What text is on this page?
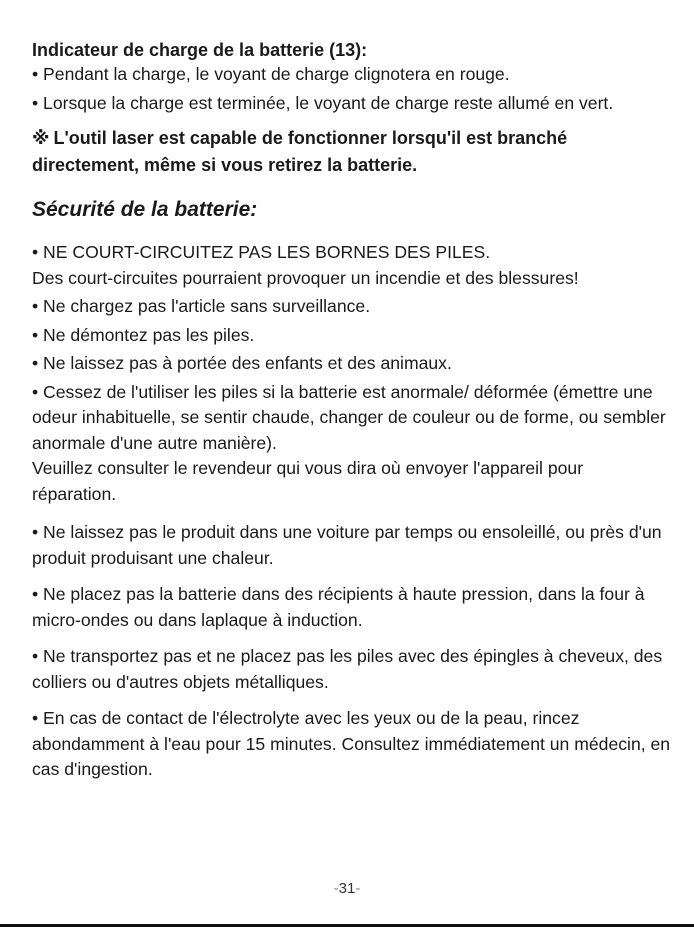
Indicateur de charge de la batterie (13):

• Pendant la charge, le voyant de charge clignotera en rouge.

• Lorsque la charge est terminée, le voyant de charge reste allumé en vert.

※ L'outil laser est capable de fonctionner lorsqu'il est branché directement, même si vous retirez la batterie.

Sécurité de la batterie:

• NE COURT-CIRCUITEZ PAS LES BORNES DES PILES.

Des court-circuites pourraient provoquer un incendie et des blessures!

• Ne chargez pas l'article sans surveillance.

• Ne démontez pas les piles.

• Ne laissez pas à portée des enfants et des animaux.

• Cessez de l'utiliser les piles si la batterie est anormale/ déformée (émettre une odeur inhabituelle, se sentir chaude, changer de couleur ou de forme, ou sembler anormale d'une autre manière).

Veuillez consulter le revendeur qui vous dira où envoyer l'appareil pour réparation.

• Ne laissez pas le produit dans une voiture par temps ou ensoleillé, ou près d'un produit produisant une chaleur.

• Ne placez pas la batterie dans des récipients à haute pression, dans la four à micro-ondes ou dans laplaque à induction.

• Ne transportez pas et ne placez pas les piles avec des épingles à cheveux, des colliers ou d'autres objets métalliques.

• En cas de contact de l'électrolyte avec les yeux ou de la peau, rincez abondamment à l'eau pour 15 minutes. Consultez immédiatement un médecin, en cas d'ingestion.

-31-
